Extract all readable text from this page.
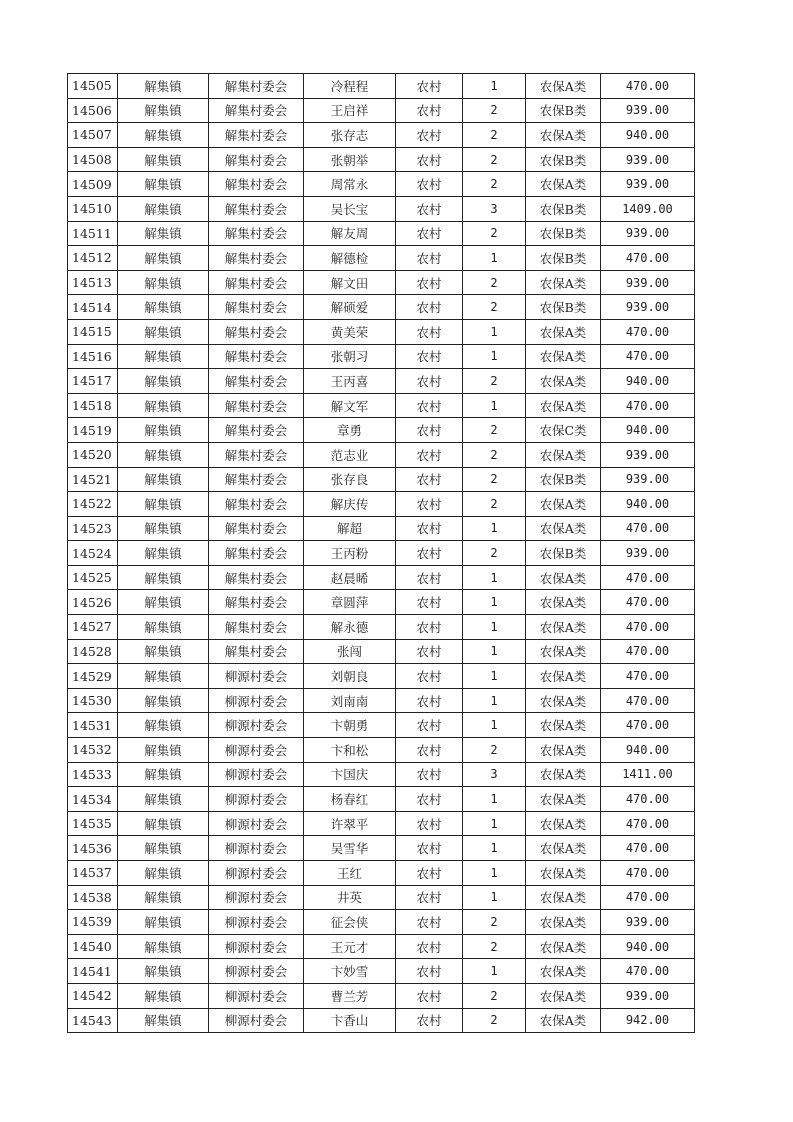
14505	解集镇	解集村委会	冷程程	农村	1	农保A类	470.00
14506	解集镇	解集村委会	王启祥	农村	2	农保B类	939.00
14507	解集镇	解集村委会	张存志	农村	2	农保A类	940.00
14508	解集镇	解集村委会	张朝举	农村	2	农保B类	939.00
14509	解集镇	解集村委会	周常永	农村	2	农保A类	939.00
14510	解集镇	解集村委会	吴长宝	农村	3	农保B类	1409.00
14511	解集镇	解集村委会	解友周	农村	2	农保B类	939.00
14512	解集镇	解集村委会	解德检	农村	1	农保B类	470.00
14513	解集镇	解集村委会	解文田	农村	2	农保A类	939.00
14514	解集镇	解集村委会	解硕爱	农村	2	农保B类	939.00
14515	解集镇	解集村委会	黄美荣	农村	1	农保A类	470.00
14516	解集镇	解集村委会	张朝习	农村	1	农保A类	470.00
14517	解集镇	解集村委会	王丙喜	农村	2	农保A类	940.00
14518	解集镇	解集村委会	解文军	农村	1	农保A类	470.00
14519	解集镇	解集村委会	章勇	农村	2	农保C类	940.00
14520	解集镇	解集村委会	范志业	农村	2	农保A类	939.00
14521	解集镇	解集村委会	张存良	农村	2	农保B类	939.00
14522	解集镇	解集村委会	解庆传	农村	2	农保A类	940.00
14523	解集镇	解集村委会	解超	农村	1	农保A类	470.00
14524	解集镇	解集村委会	王丙粉	农村	2	农保B类	939.00
14525	解集镇	解集村委会	赵晨晞	农村	1	农保A类	470.00
14526	解集镇	解集村委会	章圆萍	农村	1	农保A类	470.00
14527	解集镇	解集村委会	解永德	农村	1	农保A类	470.00
14528	解集镇	解集村委会	张闯	农村	1	农保A类	470.00
14529	解集镇	柳源村委会	刘朝良	农村	1	农保A类	470.00
14530	解集镇	柳源村委会	刘南南	农村	1	农保A类	470.00
14531	解集镇	柳源村委会	卞朝勇	农村	1	农保A类	470.00
14532	解集镇	柳源村委会	卞和松	农村	2	农保A类	940.00
14533	解集镇	柳源村委会	卞国庆	农村	3	农保A类	1411.00
14534	解集镇	柳源村委会	杨春红	农村	1	农保A类	470.00
14535	解集镇	柳源村委会	许翠平	农村	1	农保A类	470.00
14536	解集镇	柳源村委会	吴雪华	农村	1	农保A类	470.00
14537	解集镇	柳源村委会	王红	农村	1	农保A类	470.00
14538	解集镇	柳源村委会	井英	农村	1	农保A类	470.00
14539	解集镇	柳源村委会	征会侠	农村	2	农保A类	939.00
14540	解集镇	柳源村委会	王元才	农村	2	农保A类	940.00
14541	解集镇	柳源村委会	卞妙雪	农村	1	农保A类	470.00
14542	解集镇	柳源村委会	曹兰芳	农村	2	农保A类	939.00
14543	解集镇	柳源村委会	卞香山	农村	2	农保A类	942.00
